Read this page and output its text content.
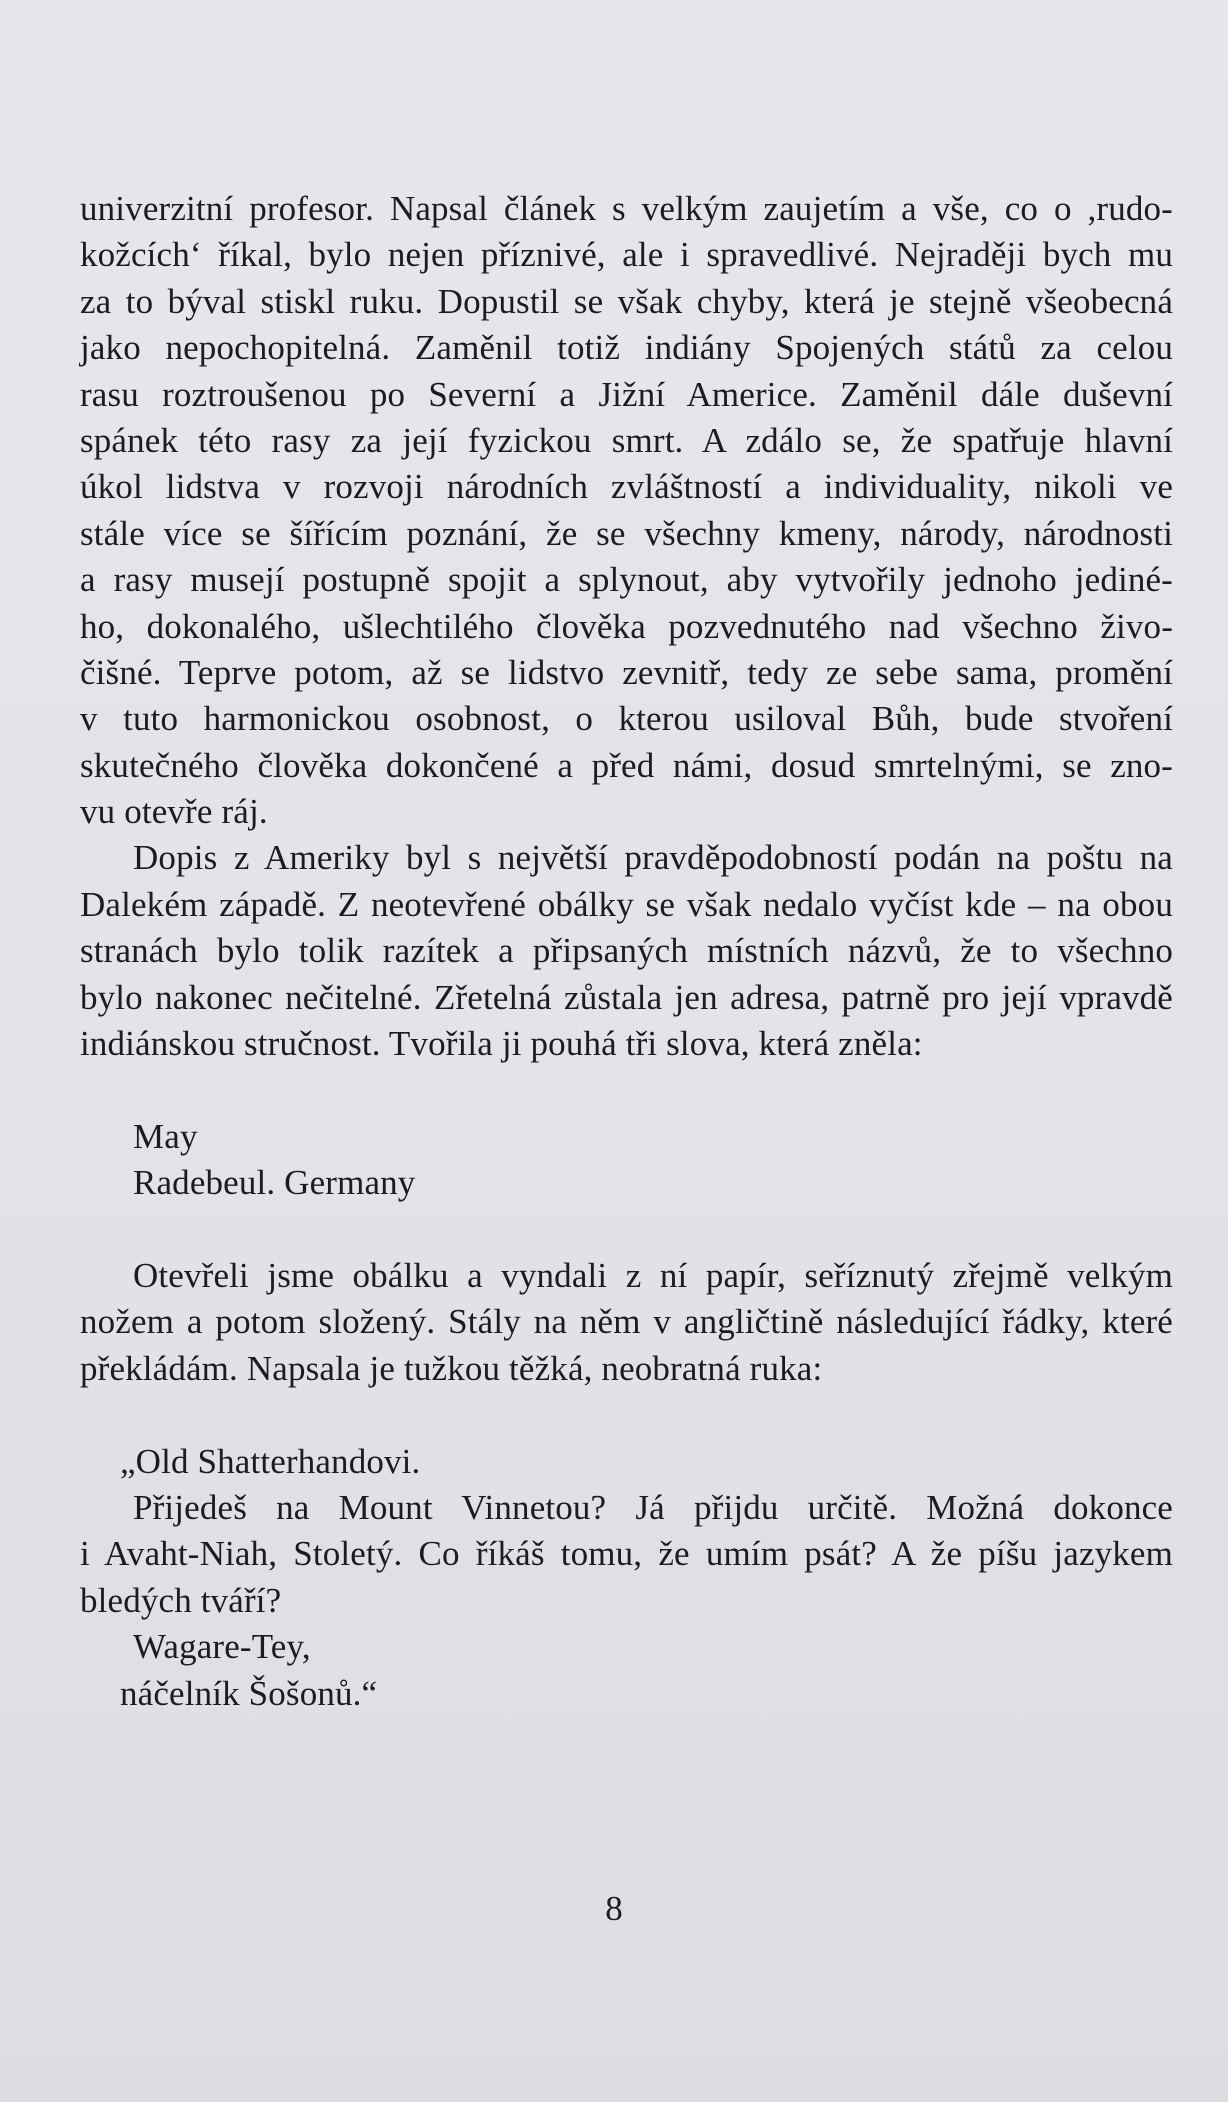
univerzitní profesor. Napsal článek s velkým zaujetím a vše, co o ,rudo-
kožcích‘ říkal, bylo nejen příznivé, ale i spravedlivé. Nejraději bych mu
za to býval stiskl ruku. Dopustil se však chyby, která je stejně všeobecná
jako nepochopitelná. Zaměnil totiž indiány Spojených států za celou
rasu roztroušenou po Severní a Jižní Americe. Zaměnil dále duševní
spánek této rasy za její fyzickou smrt. A zdálo se, že spatřuje hlavní
úkol lidstva v rozvoji národních zvláštností a individuality, nikoli ve
stále více se šířícím poznání, že se všechny kmeny, národy, národnosti
a rasy musejí postupně spojit a splynout, aby vytvořily jednoho jediné-
ho, dokonalého, ušlechtilého člověka pozvednutého nad všechno živo-
čišné. Teprve potom, až se lidstvo zevnitř, tedy ze sebe sama, promění
v tuto harmonickou osobnost, o kterou usiloval Bůh, bude stvoření
skutečného člověka dokončené a před námi, dosud smrtelnými, se zno-
vu otevře ráj.
Dopis z Ameriky byl s největší pravděpodobností podán na poštu na
Dalekém západě. Z neotevřené obálky se však nedalo vyčíst kde – na obou
stranách bylo tolik razítek a připsaných místních názvů, že to všechno
bylo nakonec nečitelné. Zřetelná zůstala jen adresa, patrně pro její vpravdě
indiánskou stručnost. Tvořila ji pouhá tři slova, která zněla:
May
Radebeul. Germany
Otevřeli jsme obálku a vyndali z ní papír, seříznutý zřejmě velkým
nožem a potom složený. Stály na něm v angličtině následující řádky, které
překládám. Napsala je tužkou těžká, neobratná ruka:
„Old Shatterhandovi.
Přijedeš na Mount Vinnetou? Já přijdu určitě. Možná dokonce
i Avaht-Niah, Stoletý. Co říkáš tomu, že umím psát? A že píšu jazykem
bledých tváří?
Wagare-Tey,
náčelník Šošonů.“
8
